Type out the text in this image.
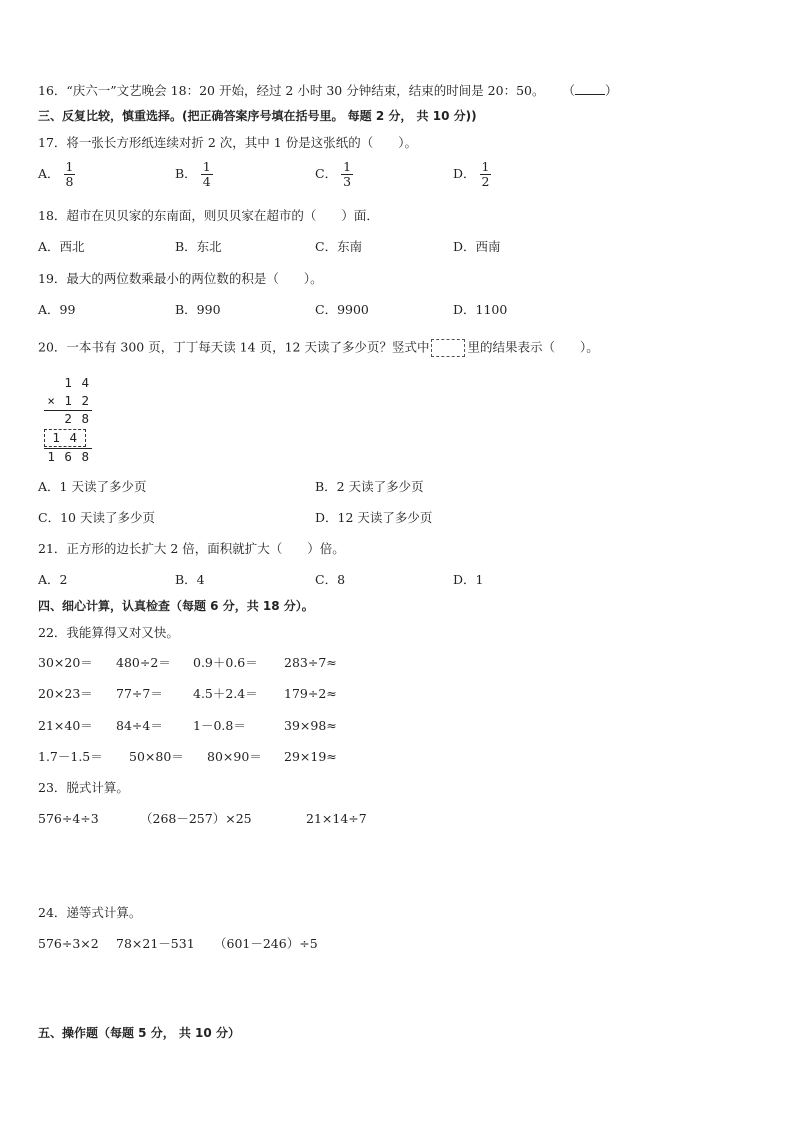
16．“庆六一”文艺晚会 18：20 开始，经过 2 小时 30 分钟结束，结束的时间是 20：50。 （ ）
三、反复比较，慎重选择。(把正确答案序号填在括号里。 每题 2 分， 共 10 分))
17．将一张长方形纸连续对折 2 次，其中 1 份是这张纸的（　　）。
A． $\frac{1}{8}$	B． $\frac{1}{4}$	C． $\frac{1}{3}$	D． $\frac{1}{2}$
18．超市在贝贝家的东南面，则贝贝家在超市的（　　）面．
A．西北	B．东北	C．东南	D．西南
19．最大的两位数乘最小的两位数的积是（　　）。
A．99	B．990	C．9900	D．1100
20．一本书有 300 页，丁丁每天读 14 页，12 天读了多少页？竖式中	里的结果表示（　　）。
1 4
× 1 2
2 8
1 4
1 6 8
A．1 天读了多少页	B．2 天读了多少页
C．10 天读了多少页	D．12 天读了多少页
21．正方形的边长扩大 2 倍，面积就扩大（　　）倍。
A．2	B．4	C．8	D．1
四、细心计算，认真检查（每题 6 分，共 18 分）。
22．我能算得又对又快。
30×20＝ 480÷2＝ 0.9＋0.6＝ 283÷7≈
20×23＝ 77÷7＝ 4.5＋2.4＝ 179÷2≈
21×40＝ 84÷4＝ 1－0.8＝	39×98≈
1.7－1.5＝ 50×80＝ 80×90＝ 29×19≈
23．脱式计算。
576÷4÷3	（268－257）×25	21×14÷7
24．递等式计算。
576÷3×2 78×21－531 （601－246）÷5
五、操作题（每题 5 分， 共 10 分）
